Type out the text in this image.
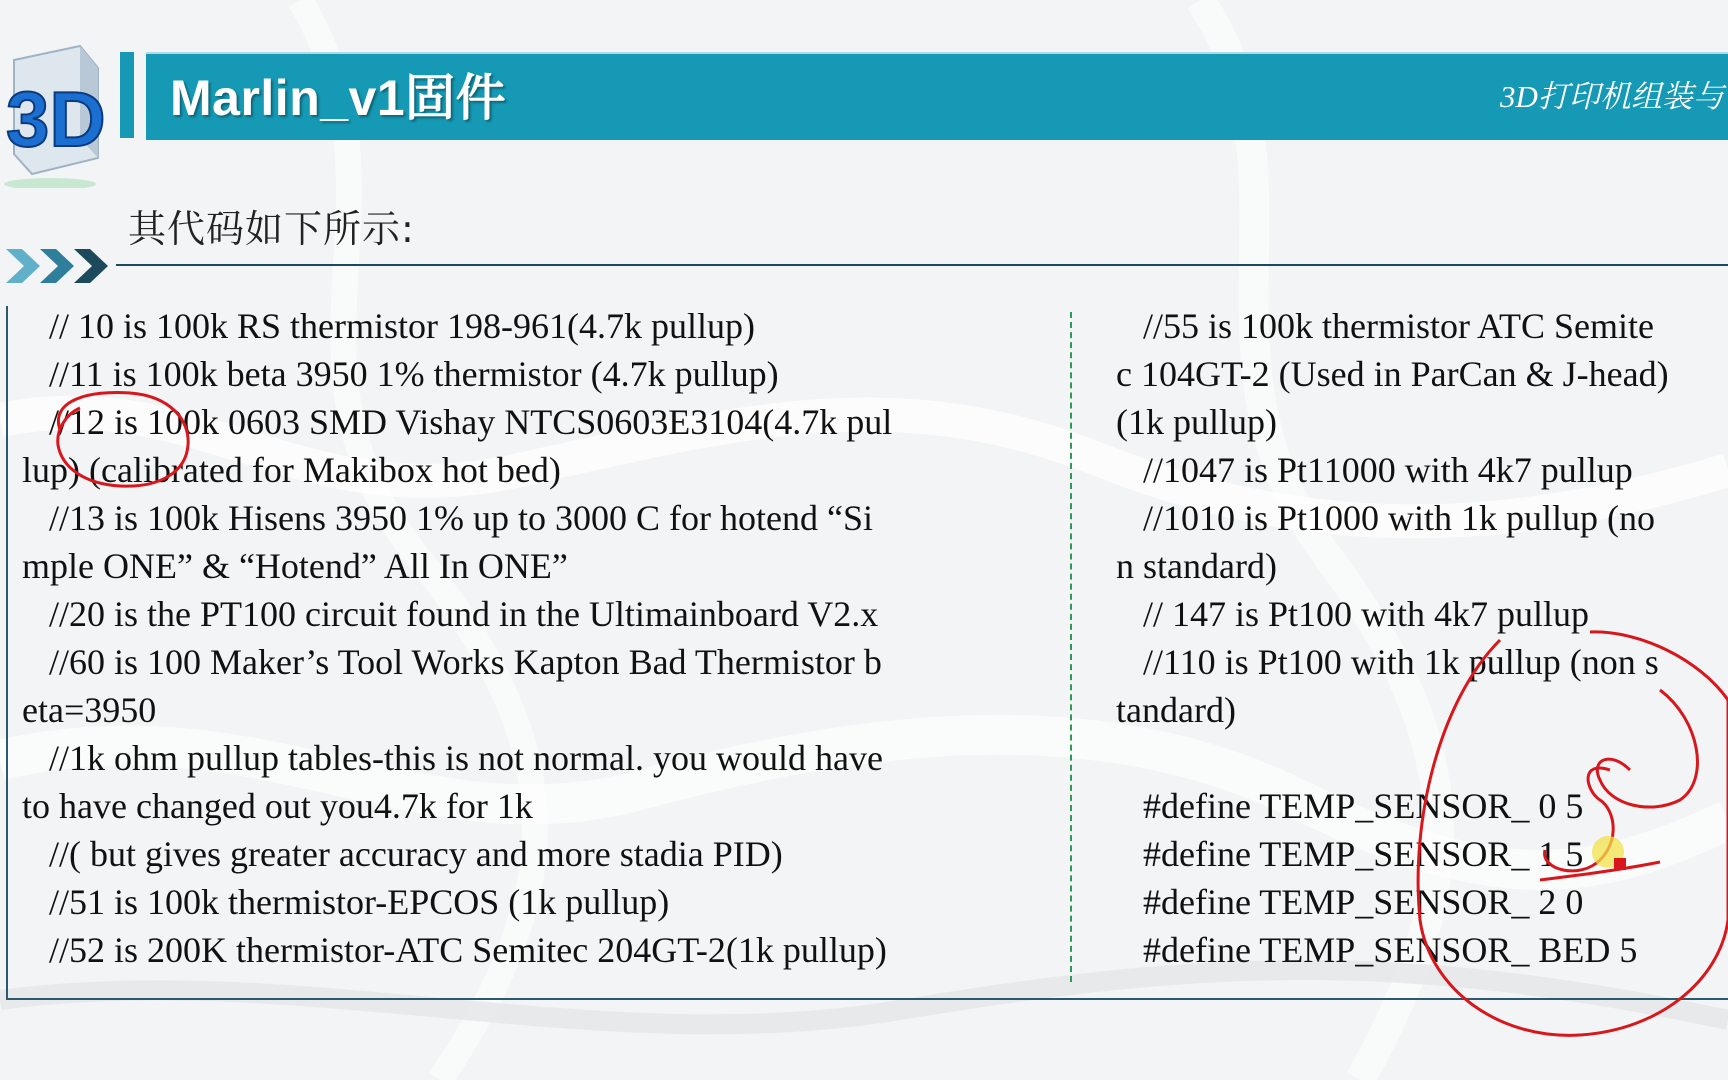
3D Marlin_v1固件	3D打印机组装与
其代码如下所示:
// 10 is 100k RS thermistor 198-961(4.7k pullup)
//11 is 100k beta 3950 1% thermistor (4.7k pullup)
//12 is 100k 0603 SMD Vishay NTCS0603E3104(4.7k pul
lup) (calibrated for Makibox hot bed)
//13 is 100k Hisens 3950 1% up to 3000 C for hotend “Si
mple ONE” & “Hotend” All In ONE”
//20 is the PT100 circuit found in the Ultimainboard V2.x
//60 is 100 Maker’s Tool Works Kapton Bad Thermistor b
eta=3950
//1k ohm pullup tables-this is not normal. you would have
to have changed out you4.7k for 1k
//( but gives greater accuracy and more stadia PID)
//51 is 100k thermistor-EPCOS (1k pullup)
//52 is 200K thermistor-ATC Semitec 204GT-2(1k pullup)
//55 is 100k thermistor ATC Semite
c 104GT-2 (Used in ParCan & J-head)
(1k pullup)
//1047 is Pt11000 with 4k7 pullup
//1010 is Pt1000 with 1k pullup (no
n standard)
// 147 is Pt100 with 4k7 pullup
//110 is Pt100 with 1k pullup (non s
tandard)
#define TEMP_SENSOR_ 0 5
#define TEMP_SENSOR_ 1 5
#define TEMP_SENSOR_ 2 0
#define TEMP_SENSOR_ BED 5
